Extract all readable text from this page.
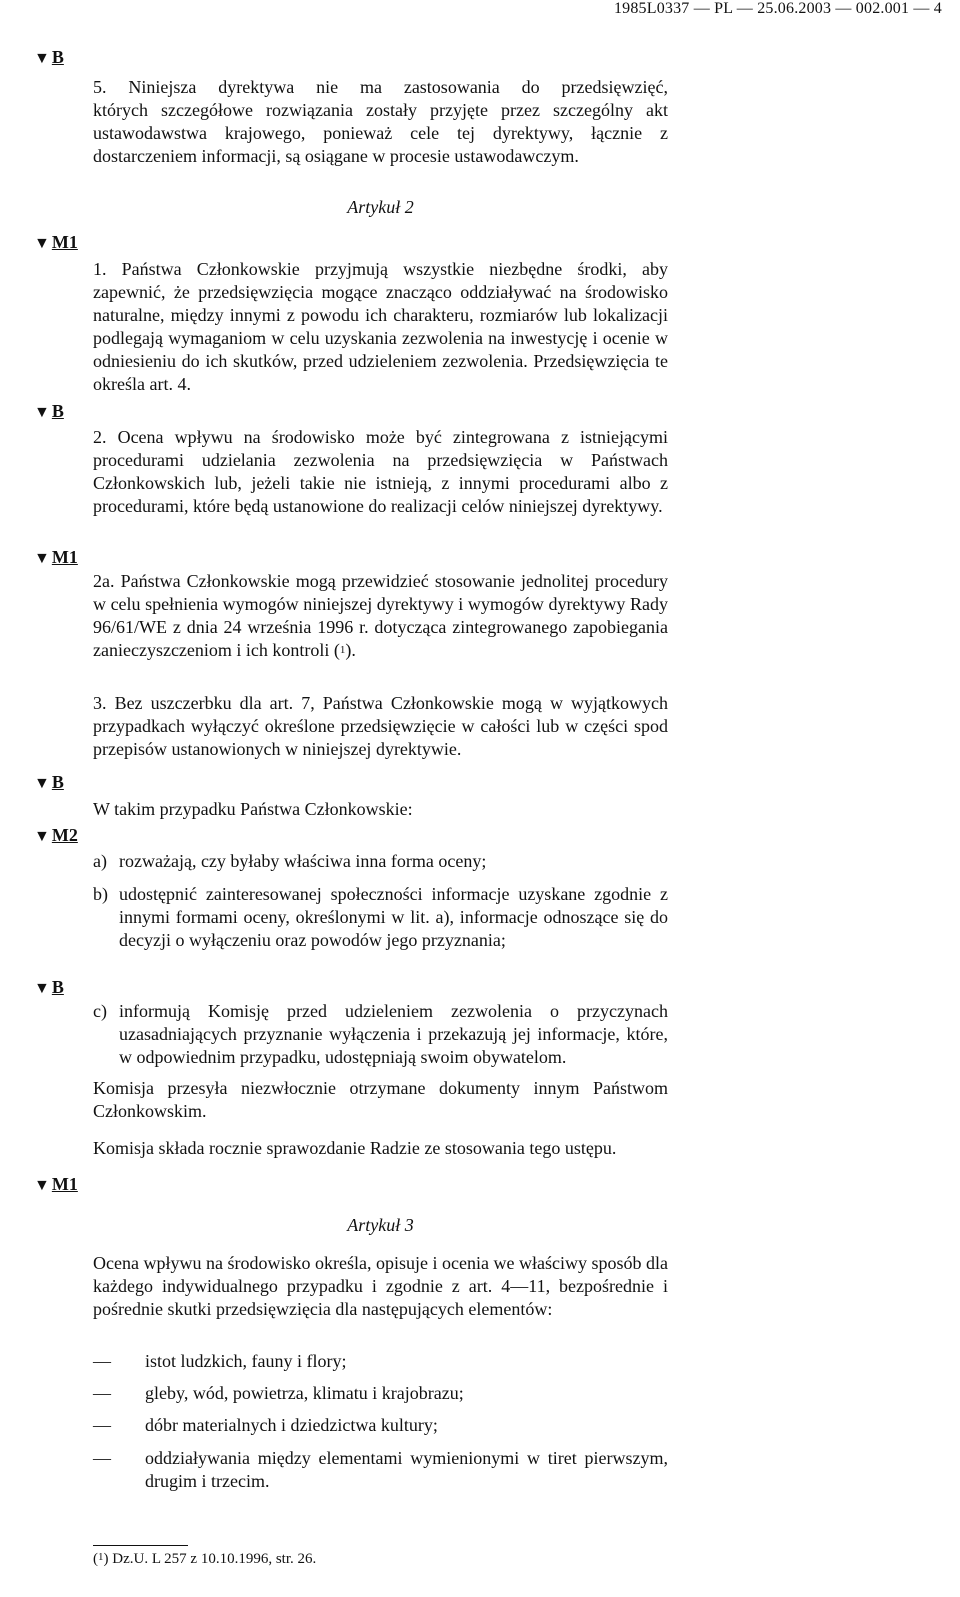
1985L0337 — PL — 25.06.2003 — 002.001 — 4
▼ B
▼ M1
▼ B
▼ M1
▼ B
▼ M2
▼ B
▼ M1
5. Niniejsza dyrektywa nie ma zastosowania do przedsięwzięć,
których szczegółowe rozwiązania zostały przyjęte przez szczególny akt
ustawodawstwa krajowego, ponieważ cele tej dyrektywy, łącznie z
dostarczeniem informacji, są osiągane w procesie ustawodawczym.
Artykuł 2
1. Państwa Członkowskie przyjmują wszystkie niezbędne środki, aby zapewnić, że przedsięwzięcia mogące znacząco oddziaływać na środowisko naturalne, między innymi z powodu ich charakteru, rozmiarów lub lokalizacji podlegają wymaganiom w celu uzyskania zezwolenia na inwestycję i ocenie w odniesieniu do ich skutków, przed udzieleniem zezwolenia. Przedsięwzięcia te określa art. 4.
2. Ocena wpływu na środowisko może być zintegrowana z istniejącymi procedurami udzielania zezwolenia na przedsięwzięcia w Państwach Członkowskich lub, jeżeli takie nie istnieją, z innymi procedurami albo z procedurami, które będą ustanowione do realizacji celów niniejszej dyrektywy.
2a. Państwa Członkowskie mogą przewidzieć stosowanie jednolitej procedury w celu spełnienia wymogów niniejszej dyrektywy i wymogów dyrektywy Rady 96/61/WE z dnia 24 września 1996 r. dotycząca zintegrowanego zapobiegania zanieczyszczeniom i ich kontroli ($^1$).
3. Bez uszczerbku dla art. 7, Państwa Członkowskie mogą w wyjątkowych przypadkach wyłączyć określone przedsięwzięcie w całości lub w części spod przepisów ustanowionych w niniejszej dyrektywie.
W takim przypadku Państwa Członkowskie:
a) rozważają, czy byłaby właściwa inna forma oceny;
b) udostępnić zainteresowanej społeczności informacje uzyskane zgodnie z innymi formami oceny, określonymi w lit. a), informacje odnoszące się do decyzji o wyłączeniu oraz powodów jego przyznania;
c) informują Komisję przed udzieleniem zezwolenia o przyczynach uzasadniających przyznanie wyłączenia i przekazują jej informacje, które, w odpowiednim przypadku, udostępniają swoim obywatelom.
Komisja przesyła niezwłocznie otrzymane dokumenty innym Państwom Członkowskim.
Komisja składa rocznie sprawozdanie Radzie ze stosowania tego ustępu.
Artykuł 3
Ocena wpływu na środowisko określa, opisuje i ocenia we właściwy sposób dla każdego indywidualnego przypadku i zgodnie z art. 4—11, bezpośrednie i pośrednie skutki przedsięwzięcia dla następujących elementów:
— istot ludzkich, fauny i flory;
— gleby, wód, powietrza, klimatu i krajobrazu;
— dóbr materialnych i dziedzictwa kultury;
— oddziaływania między elementami wymienionymi w tiret pierwszym, drugim i trzecim.
($^1$) Dz.U. L 257 z 10.10.1996, str. 26.
